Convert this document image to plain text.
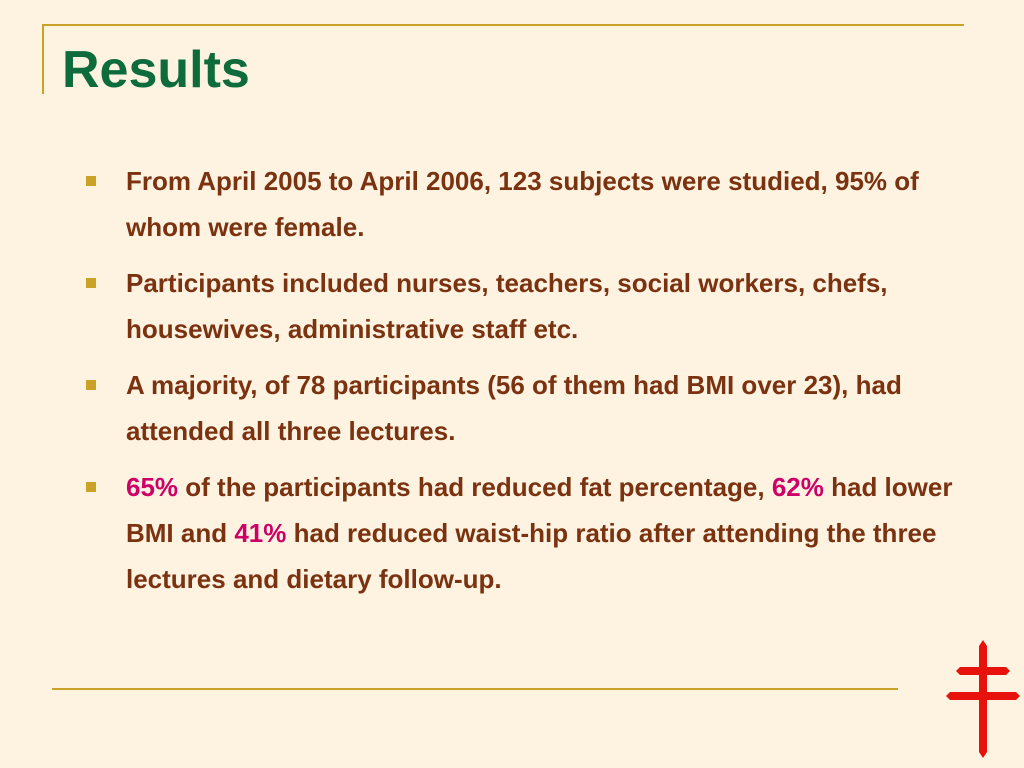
Results
From April 2005 to April 2006, 123 subjects were studied, 95% of whom were female.
Participants included nurses, teachers, social workers, chefs, housewives, administrative staff etc.
A majority, of 78 participants (56 of them had BMI over 23), had attended all three lectures.
65% of the participants had reduced fat percentage, 62% had lower BMI and 41% had reduced waist-hip ratio after attending the three lectures and dietary follow-up.
